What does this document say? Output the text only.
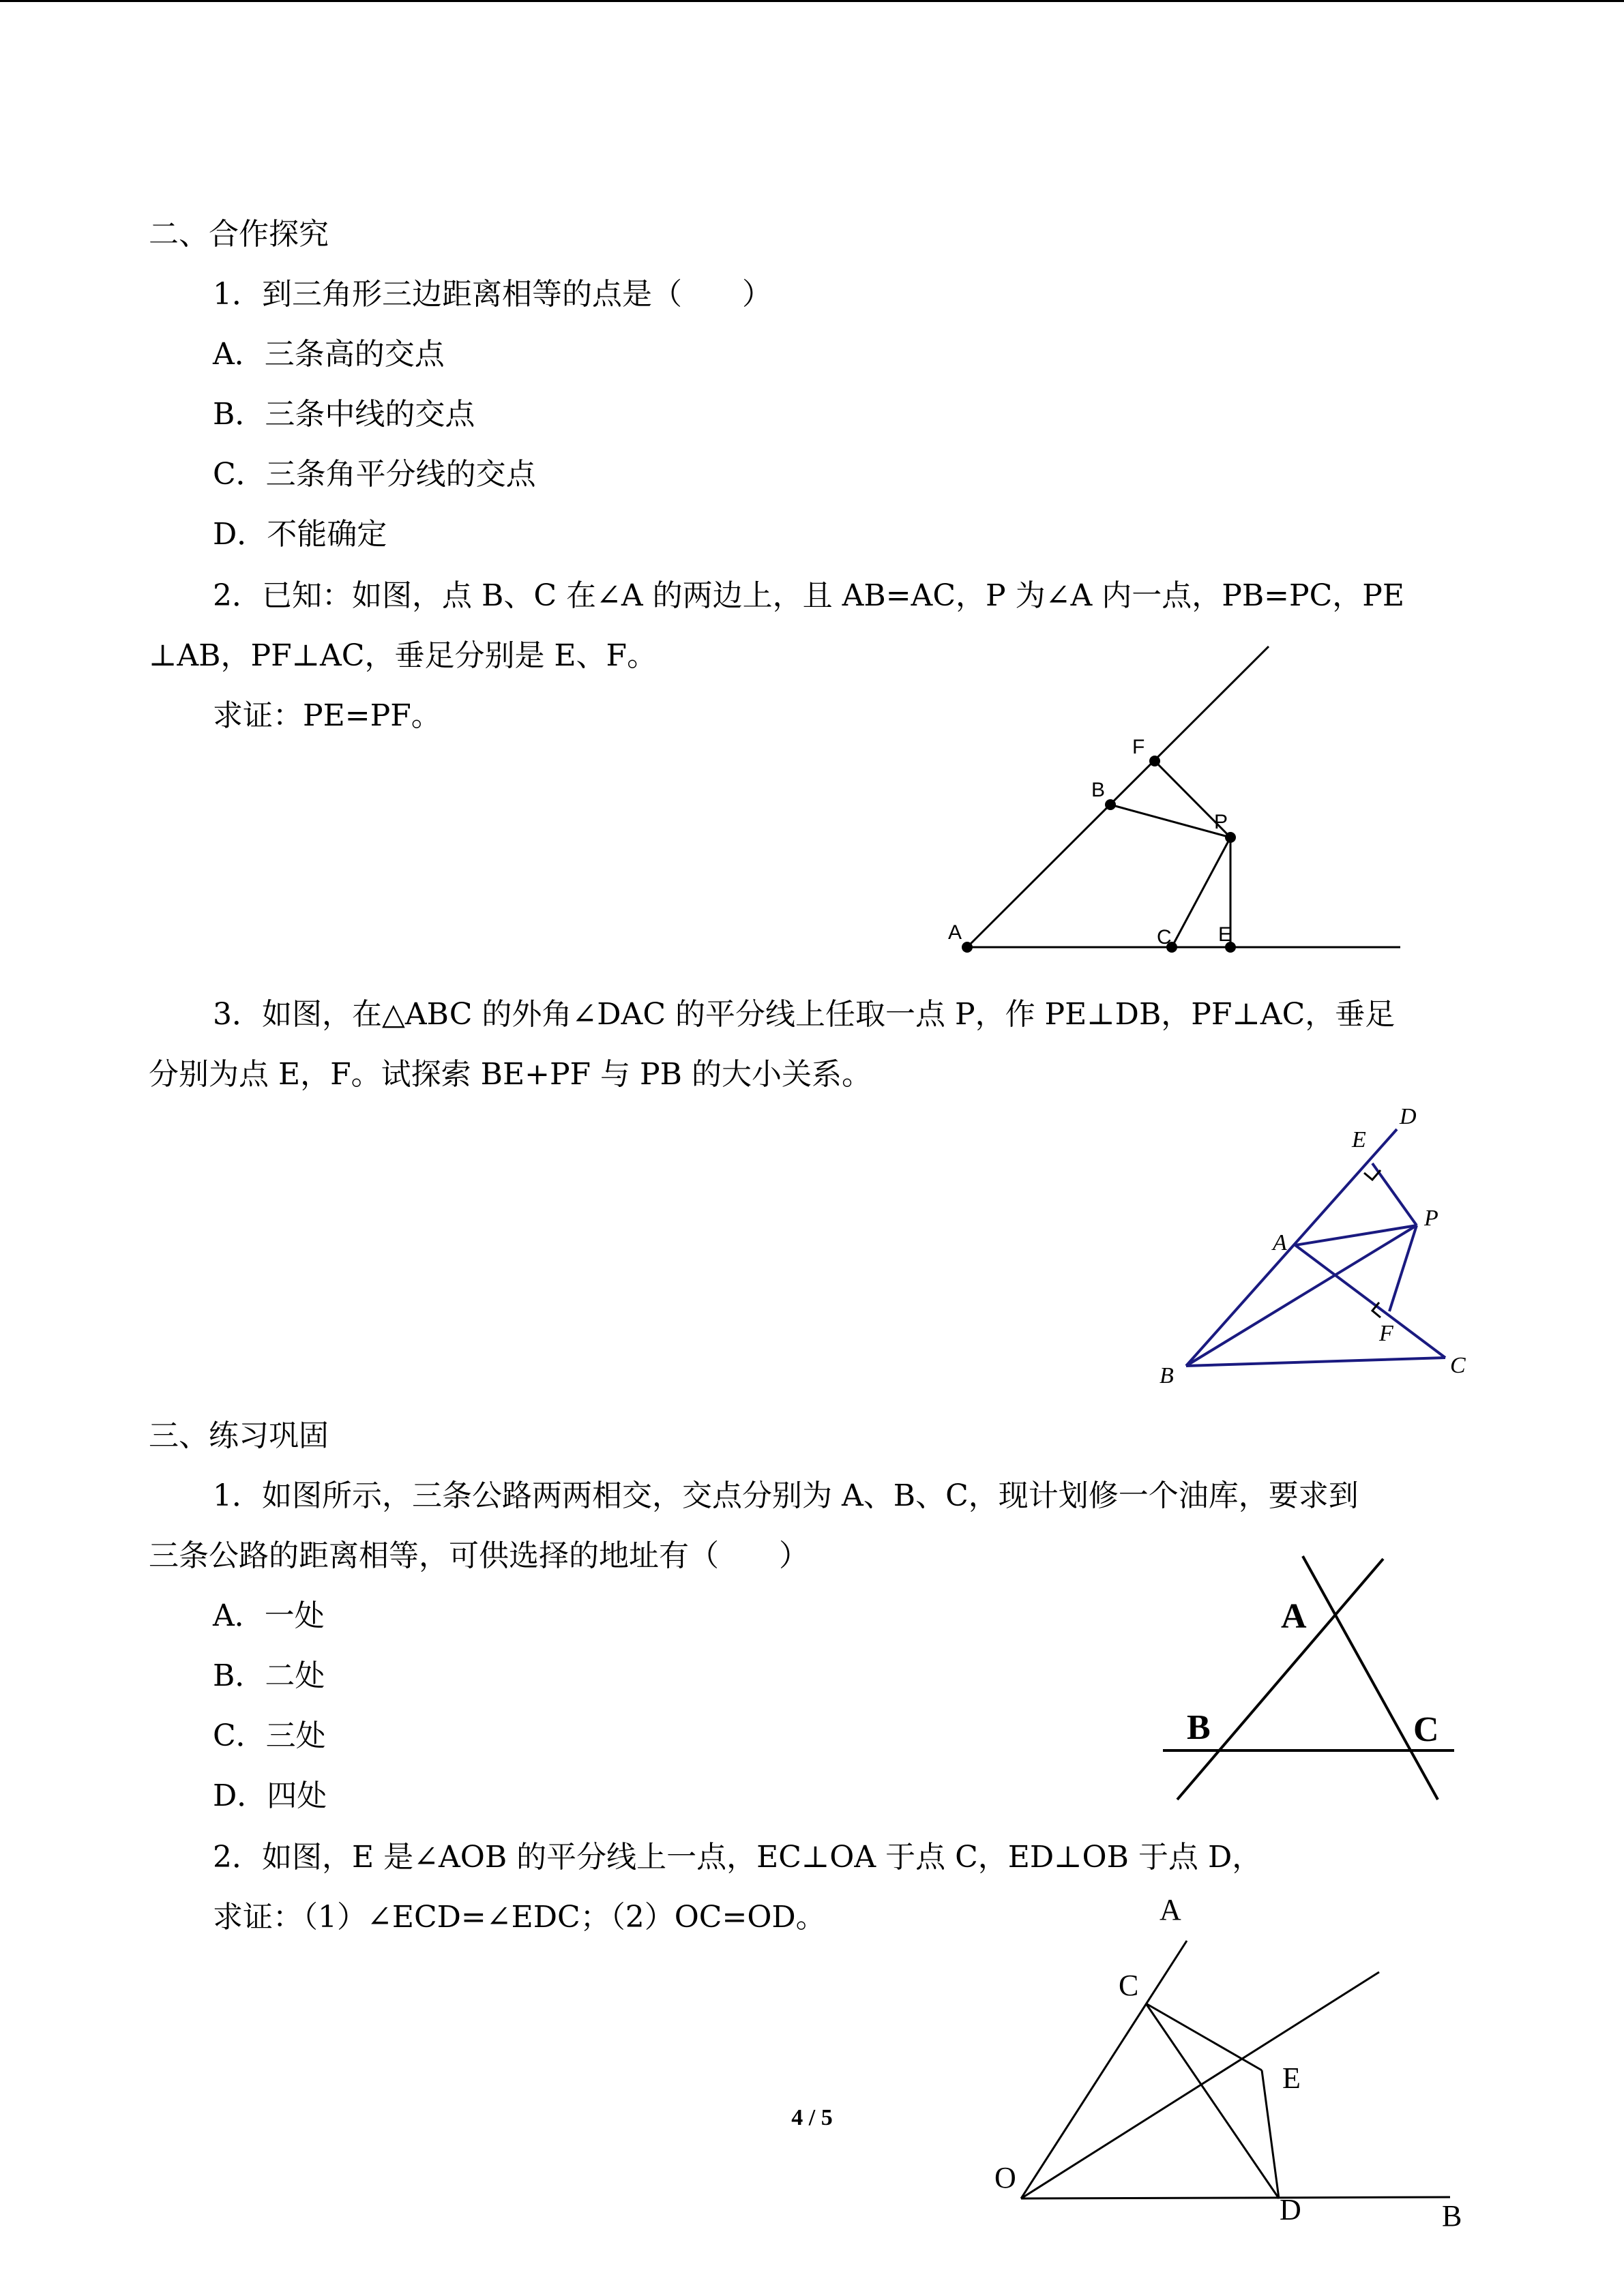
二、合作探究
1．到三角形三边距离相等的点是（　　）
A．三条高的交点
B．三条中线的交点
C．三条角平分线的交点
D．不能确定
2．已知：如图，点 B、C 在∠A 的两边上，且 AB=AC，P 为∠A 内一点，PB=PC，PE
⊥AB，PF⊥AC，垂足分别是 E、F。
求证：PE=PF。
A
B
F
P
C E
3．如图，在△ABC 的外角∠DAC 的平分线上任取一点 P，作 PE⊥DB，PF⊥AC，垂足
分别为点 E，F。试探索 BE+PF 与 PB 的大小关系。
B	C
A
P
E
D
F
三、练习巩固
1．如图所示，三条公路两两相交，交点分别为 A、B、C，现计划修一个油库，要求到
三条公路的距离相等，可供选择的地址有（　　）
A．一处
B．二处
C．三处
D．四处
A
B	C
2．如图，E 是∠AOB 的平分线上一点，EC⊥OA 于点 C，ED⊥OB 于点 D，
求证：（1）∠ECD=∠EDC；（2）OC=OD。	A
C
E
O
D	B
4 / 5
